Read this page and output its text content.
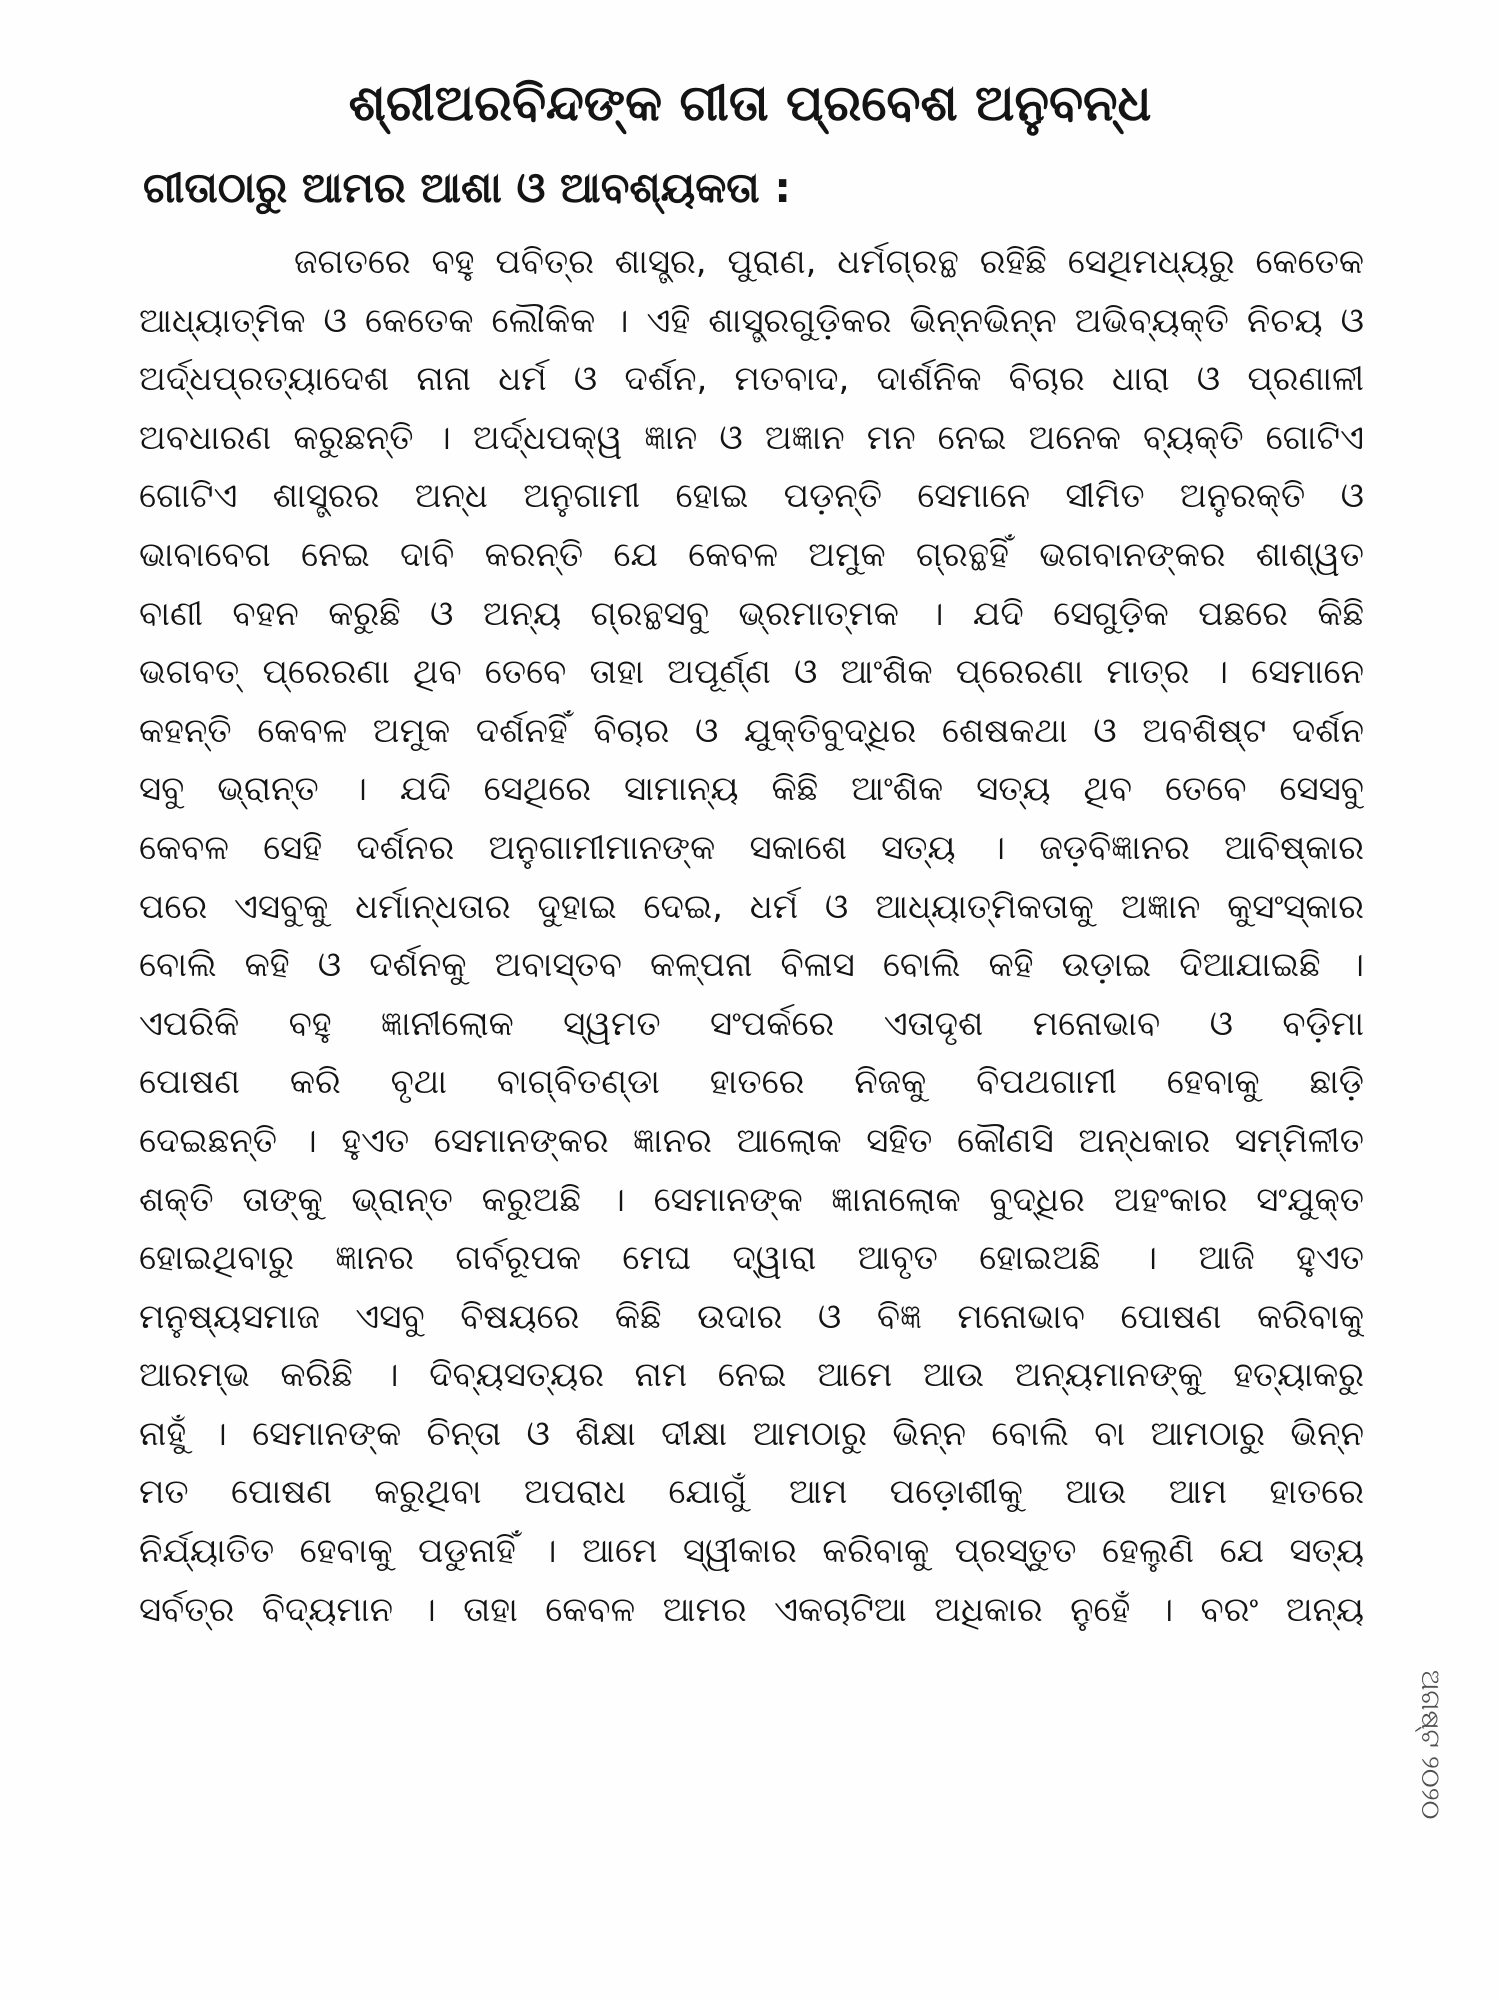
ଶ୍ରୀଅରବିନ୍ଦଙ୍କ ଗୀତା ପ୍ରବେଶ ଅନୁବନ୍ଧ
ଗୀତାଠାରୁ ଆମର ଆଶା ଓ ଆବଶ୍ୟକତା :
ଜଗତରେ ବହୁ ପବିତ୍ର ଶାସ୍ତ୍ର, ପୁରାଣ, ଧର୍ମଗ୍ରନ୍ଥ ରହିଛି ସେଥିମଧ୍ୟରୁ କେତେକ
ଆଧ୍ୟାତ୍ମିକ ଓ କେତେକ ଲୌକିକ । ଏହି ଶାସ୍ତ୍ରଗୁଡ଼ିକର ଭିନ୍ନଭିନ୍ନ ଅଭିବ୍ୟକ୍ତି ନିଚୟ ଓ
ଅର୍ଦ୍ଧପ୍ରତ୍ୟାଦେଶ ନାନା ଧର୍ମ ଓ ଦର୍ଶନ, ମତବାଦ, ଦାର୍ଶନିକ ବିଚାର ଧାରା ଓ ପ୍ରଣାଳୀ
ଅବଧାରଣ କରୁଛନ୍ତି । ଅର୍ଦ୍ଧପକ୍ୱ ଜ୍ଞାନ ଓ ଅଜ୍ଞାନ ମନ ନେଇ ଅନେକ ବ୍ୟକ୍ତି ଗୋଟିଏ
ଗୋଟିଏ ଶାସ୍ତ୍ରର ଅନ୍ଧ ଅନୁଗାମୀ ହୋଇ ପଡ଼ନ୍ତି ସେମାନେ ସୀମିତ ଅନୁରକ୍ତି ଓ
ଭାବାବେଗ ନେଇ ଦାବି କରନ୍ତି ଯେ କେବଳ ଅମୁକ ଗ୍ରନ୍ଥହିଁ ଭଗବାନଙ୍କର ଶାଶ୍ୱତ
ବାଣୀ ବହନ କରୁଛି ଓ ଅନ୍ୟ ଗ୍ରନ୍ଥସବୁ ଭ୍ରମାତ୍ମକ । ଯଦି ସେଗୁଡ଼ିକ ପଛରେ କିଛି
ଭଗବତ୍ ପ୍ରେରଣା ଥିବ ତେବେ ତାହା ଅପୂର୍ଣ୍ଣ ଓ ଆଂଶିକ ପ୍ରେରଣା ମାତ୍ର । ସେମାନେ
କହନ୍ତି କେବଳ ଅମୁକ ଦର୍ଶନହିଁ ବିଚାର ଓ ଯୁକ୍ତିବୁଦ୍ଧିର ଶେଷକଥା ଓ ଅବଶିଷ୍ଟ ଦର୍ଶନ
ସବୁ ଭ୍ରାନ୍ତ । ଯଦି ସେଥିରେ ସାମାନ୍ୟ କିଛି ଆଂଶିକ ସତ୍ୟ ଥିବ ତେବେ ସେସବୁ
କେବଳ ସେହି ଦର୍ଶନର ଅନୁଗାମୀମାନଙ୍କ ସକାଶେ ସତ୍ୟ । ଜଡ଼ବିଜ୍ଞାନର ଆବିଷ୍କାର
ପରେ ଏସବୁକୁ ଧର୍ମାନ୍ଧତାର ଦୁହାଇ ଦେଇ, ଧର୍ମ ଓ ଆଧ୍ୟାତ୍ମିକତାକୁ ଅଜ୍ଞାନ କୁସଂସ୍କାର
ବୋଲି କହି ଓ ଦର୍ଶନକୁ ଅବାସ୍ତବ କଳ୍ପନା ବିଳାସ ବୋଲି କହି ଉଡ଼ାଇ ଦିଆଯାଇଛି ।
ଏପରିକି ବହୁ ଜ୍ଞାନୀଲୋକ ସ୍ୱମତ ସଂପର୍କରେ ଏତାଦୃଶ ମନୋଭାବ ଓ ବଡ଼ିମା
ପୋଷଣ କରି ବୃଥା ବାଗ୍‌ବିତଣ୍ଡା ହାତରେ ନିଜକୁ ବିପଥଗାମୀ ହେବାକୁ ଛାଡ଼ି
ଦେଇଛନ୍ତି । ହୁଏତ ସେମାନଙ୍କର ଜ୍ଞାନର ଆଲୋକ ସହିତ କୌଣସି ଅନ୍ଧକାର ସମ୍ମିଳୀତ
ଶକ୍ତି ତାଙ୍କୁ ଭ୍ରାନ୍ତ କରୁଅଛି । ସେମାନଙ୍କ ଜ୍ଞାନାଲୋକ ବୁଦ୍ଧିର ଅହଂକାର ସଂଯୁକ୍ତ
ହୋଇଥିବାରୁ ଜ୍ଞାନର ଗର୍ବରୂପକ ମେଘ ଦ୍ୱାରା ଆବୃତ ହୋଇଅଛି । ଆଜି ହୁଏତ
ମନୁଷ୍ୟସମାଜ ଏସବୁ ବିଷୟରେ କିଛି ଉଦାର ଓ ବିଜ୍ଞ ମନୋଭାବ ପୋଷଣ କରିବାକୁ
ଆରମ୍ଭ କରିଛି । ଦିବ୍ୟସତ୍ୟର ନାମ ନେଇ ଆମେ ଆଉ ଅନ୍ୟମାନଙ୍କୁ ହତ୍ୟାକରୁ
ନାହୁଁ । ସେମାନଙ୍କ ଚିନ୍ତା ଓ ଶିକ୍ଷା ଦୀକ୍ଷା ଆମଠାରୁ ଭିନ୍ନ ବୋଲି ବା ଆମଠାରୁ ଭିନ୍ନ
ମତ ପୋଷଣ କରୁଥିବା ଅପରାଧ ଯୋଗୁଁ ଆମ ପଡ଼ୋଶୀକୁ ଆଉ ଆମ ହାତରେ
ନିର୍ଯ୍ୟାତିତ ହେବାକୁ ପଡୁନାହିଁ । ଆମେ ସ୍ୱୀକାର କରିବାକୁ ପ୍ରସ୍ତୁତ ହେଲୁଣି ଯେ ସତ୍ୟ
ସର୍ବତ୍ର ବିଦ୍ୟମାନ । ତାହା କେବଳ ଆମର ଏକଚାଟିଆ ଅଧିକାର ନୁହେଁ । ବରଂ ଅନ୍ୟ
ଅଗଷ୍ଟ ୨୦୨୦
